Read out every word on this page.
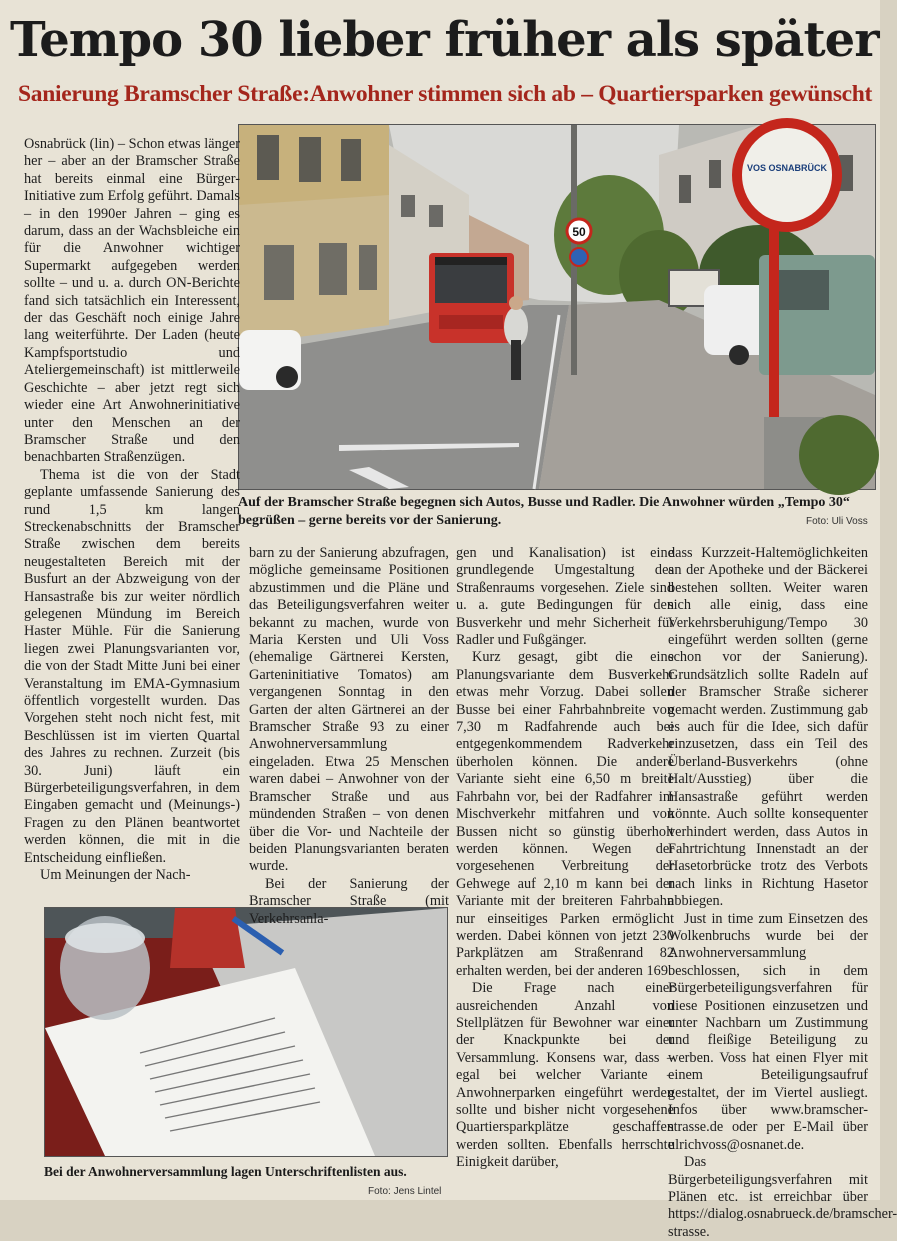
Tempo 30 lieber früher als später
Sanierung Bramscher Straße:Anwohner stimmen sich ab – Quartiersparken gewünscht
50
VOS OSNABRÜCK
Auf der Bramscher Straße begegnen sich Autos, Busse und Radler. Die Anwohner würden „Tempo 30“ begrüßen – gerne bereits vor der Sanierung.	Foto: Uli Voss
Bei der Anwohnerversammlung lagen Unterschriftenlisten aus.
Foto: Jens Lintel

Osnabrück (lin) – Schon etwas länger her – aber an der Bramscher Straße hat bereits einmal eine Bürger-Initiative zum Erfolg geführt. Damals – in den 1990er Jahren – ging es darum, dass an der Wachsbleiche ein für die Anwohner wichtiger Supermarkt aufgegeben werden sollte – und u. a. durch ON-Berichte fand sich tatsächlich ein Interessent, der das Geschäft noch einige Jahre lang weiterführte. Der Laden (heute Kampfsportstudio und Ateliergemeinschaft) ist mittlerweile Geschichte – aber jetzt regt sich wieder eine Art Anwohnerinitiative unter den Menschen an der Bramscher Straße und den benachbarten Straßenzügen.

Thema ist die von der Stadt geplante umfassende Sanierung des rund 1,5 km langen Streckenabschnitts der Bramscher Straße zwischen dem bereits neugestalteten Bereich mit der Busfurt an der Abzweigung von der Hansastraße bis zur weiter nördlich gelegenen Mündung im Bereich Haster Mühle. Für die Sanierung liegen zwei Planungsvarianten vor, die von der Stadt Mitte Juni bei einer Veranstaltung im EMA-Gymnasium öffentlich vorgestellt wurden. Das Vorgehen steht noch nicht fest, mit Beschlüssen ist im vierten Quartal des Jahres zu rechnen. Zurzeit (bis 30. Juni) läuft ein Bürgerbeteiligungsverfahren, in dem Eingaben gemacht und (Meinungs-) Fragen zu den Plänen beantwortet werden können, die mit in die Entscheidung einfließen.

Um Meinungen der Nach-

barn zu der Sanierung abzufragen, mögliche gemeinsame Positionen abzustimmen und die Pläne und das Beteiligungsverfahren weiter bekannt zu machen, wurde von Maria Kersten und Uli Voss (ehemalige Gärtnerei Kersten, Garteninitiative Tomatos) am vergangenen Sonntag in den Garten der alten Gärtnerei an der Bramscher Straße 93 zu einer Anwohnerversammlung eingeladen. Etwa 25 Menschen waren dabei – Anwohner von der Bramscher Straße und aus mündenden Straßen – von denen über die Vor- und Nachteile der beiden Planungsvarianten beraten wurde.

Bei der Sanierung der Bramscher Straße (mit Verkehrsanla-

gen und Kanalisation) ist eine grundlegende Umgestaltung des Straßenraums vorgesehen. Ziele sind u. a. gute Bedingungen für den Busverkehr und mehr Sicherheit für Radler und Fußgänger.

Kurz gesagt, gibt die eine Planungsvariante dem Busverkehr etwas mehr Vorzug. Dabei sollen Busse bei einer Fahrbahnbreite von 7,30 m Radfahrende auch bei entgegenkommendem Radverkehr überholen können. Die andere Variante sieht eine 6,50 m breite Fahrbahn vor, bei der Radfahrer im Mischverkehr mitfahren und von Bussen nicht so günstig überholt werden können. Wegen der vorgesehenen Verbreitung der Gehwege auf 2,10 m kann bei der Variante mit der breiteren Fahrbahn nur einseitiges Parken ermöglicht werden. Dabei können von jetzt 230 Parkplätzen am Straßenrand 82 erhalten werden, bei der anderen 169.

Die Frage nach einer ausreichenden Anzahl von Stellplätzen für Bewohner war einer der Knackpunkte bei der Versammlung. Konsens war, dass – egal bei welcher Variante – Anwohnerparken eingeführt werden sollte und bisher nicht vorgesehene Quartiersparkplätze geschaffen werden sollten. Ebenfalls herrschte Einigkeit darüber,

dass Kurzzeit-Haltemöglichkeiten an der Apotheke und der Bäckerei bestehen sollten. Weiter waren sich alle einig, dass eine Verkehrsberuhigung/Tempo 30 eingeführt werden sollten (gerne schon vor der Sanierung). Grundsätzlich sollte Radeln auf der Bramscher Straße sicherer gemacht werden. Zustimmung gab es auch für die Idee, sich dafür einzusetzen, dass ein Teil des Überland-Busverkehrs (ohne Halt/Ausstieg) über die Hansastraße geführt werden könnte. Auch sollte konsequenter verhindert werden, dass Autos in Fahrtrichtung Innenstadt an der Hasetorbrücke trotz des Verbots nach links in Richtung Hasetor abbiegen.

Just in time zum Einsetzen des Wolkenbruchs wurde bei der Anwohnerversammlung beschlossen, sich in dem Bürgerbeteiligungsverfahren für diese Positionen einzusetzen und unter Nachbarn um Zustimmung und fleißige Beteiligung zu werben. Voss hat einen Flyer mit einem Beteiligungsaufruf gestaltet, der im Viertel ausliegt. Infos über www.bramscher-strasse.de oder per E-Mail über ulrichvoss@osnanet.de.

Das Bürgerbeteiligungsverfahren mit Plänen etc. ist erreichbar über https://dialog.osnabrueck.de/bramscher-strasse.
